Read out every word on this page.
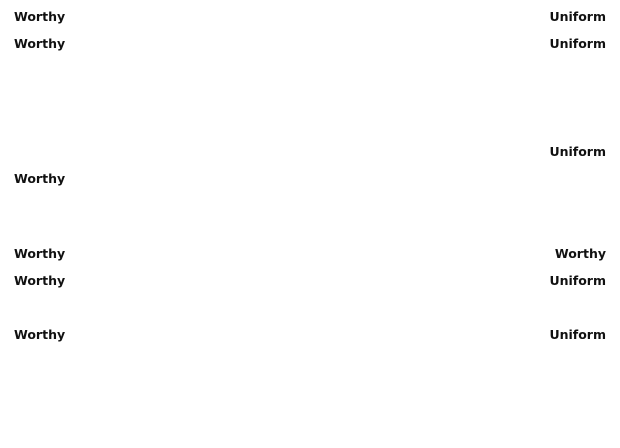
Uniform
Worthy
Uniform
Worthy
Uniform
Worthy
Worthy
Worthy
Uniform
Worthy
Uniform
Worthy
